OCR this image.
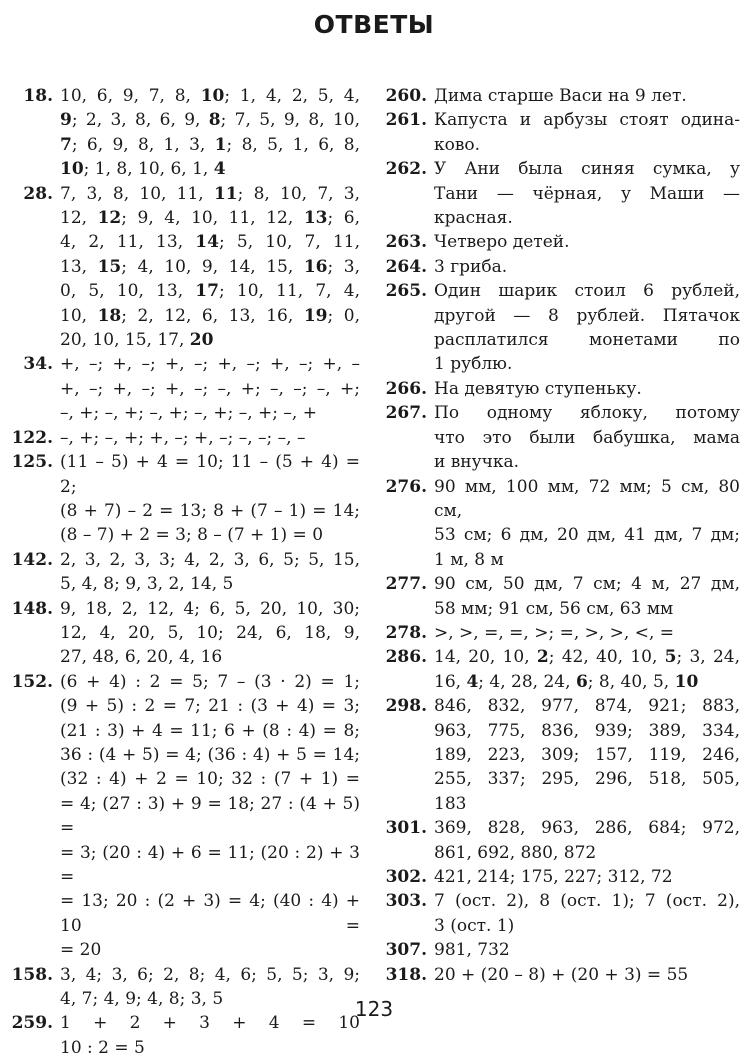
ОТВЕТЫ
18. 10, 6, 9, 7, 8, 10; 1, 4, 2, 5, 4,
9; 2, 3, 8, 6, 9, 8; 7, 5, 9, 8, 10,
7; 6, 9, 8, 1, 3, 1; 8, 5, 1, 6, 8,
10; 1, 8, 10, 6, 1, 4
28. 7, 3, 8, 10, 11, 11; 8, 10, 7, 3,
12, 12; 9, 4, 10, 11, 12, 13; 6,
4, 2, 11, 13, 14; 5, 10, 7, 11,
13, 15; 4, 10, 9, 14, 15, 16; 3,
0, 5, 10, 13, 17; 10, 11, 7, 4,
10, 18; 2, 12, 6, 13, 16, 19; 0,
20, 10, 15, 17, 20
34. +, –; +, –; +, –; +, –; +, –; +, –
+, –; +, –; +, –; –, +; –, –; –, +;
–, +; –, +; –, +; –, +; –, +; –, +
122. –, +; –, +; +, –; +, –; –, –; –, –
125. (11 – 5) + 4 = 10; 11 – (5 + 4) = 2;
(8 + 7) – 2 = 13; 8 + (7 – 1) = 14;
(8 – 7) + 2 = 3; 8 – (7 + 1) = 0
142. 2, 3, 2, 3, 3; 4, 2, 3, 6, 5; 5, 15,
5, 4, 8; 9, 3, 2, 14, 5
148. 9, 18, 2, 12, 4; 6, 5, 20, 10, 30;
12, 4, 20, 5, 10; 24, 6, 18, 9,
27, 48, 6, 20, 4, 16
152. (6 + 4) : 2 = 5; 7 – (3 · 2) = 1;
(9 + 5) : 2 = 7; 21 : (3 + 4) = 3;
(21 : 3) + 4 = 11; 6 + (8 : 4) = 8;
36 : (4 + 5) = 4; (36 : 4) + 5 = 14;
(32 : 4) + 2 = 10; 32 : (7 + 1) =
= 4; (27 : 3) + 9 = 18; 27 : (4 + 5) =
= 3; (20 : 4) + 6 = 11; (20 : 2) + 3 =
= 13; 20 : (2 + 3) = 4; (40 : 4) + 10 =
= 20
158. 3, 4; 3, 6; 2, 8; 4, 6; 5, 5; 3, 9;
4, 7; 4, 9; 4, 8; 3, 5
259. 1 + 2 + 3 + 4 = 10
10 : 2 = 5
260. Дима старше Васи на 9 лет.
261. Капуста и арбузы стоят одина-
ково.
262. У Ани была синяя сумка, у
Тани — чёрная, у Маши —
красная.
263. Четверо детей.
264. 3 гриба.
265. Один шарик стоил 6 рублей,
другой — 8 рублей. Пятачок
расплатился монетами по
1 рублю.
266. На девятую ступеньку.
267. По одному яблоку, потому
что это были бабушка, мама
и внучка.
276. 90 мм, 100 мм, 72 мм; 5 см, 80 см,
53 см; 6 дм, 20 дм, 41 дм, 7 дм;
1 м, 8 м
277. 90 см, 50 дм, 7 см; 4 м, 27 дм,
58 мм; 91 см, 56 см, 63 мм
278. >, >, =, =, >; =, >, >, <, =
286. 14, 20, 10, 2; 42, 40, 10, 5; 3, 24,
16, 4; 4, 28, 24, 6; 8, 40, 5, 10
298. 846, 832, 977, 874, 921; 883,
963, 775, 836, 939; 389, 334,
189, 223, 309; 157, 119, 246,
255, 337; 295, 296, 518, 505,
183
301. 369, 828, 963, 286, 684; 972,
861, 692, 880, 872
302. 421, 214; 175, 227; 312, 72
303. 7 (ост. 2), 8 (ост. 1); 7 (ост. 2),
3 (ост. 1)
307. 981, 732
318. 20 + (20 – 8) + (20 + 3) = 55
123
